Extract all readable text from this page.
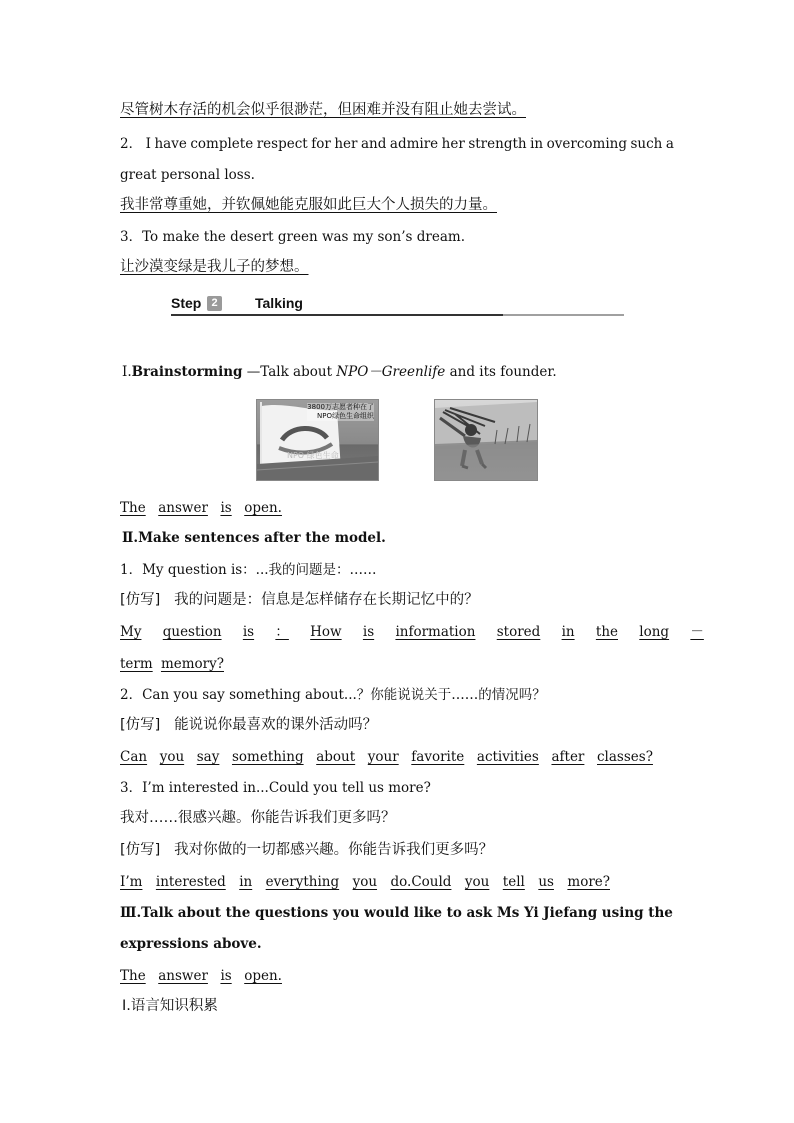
尽管树木存活的机会似乎很渺茫，但困难并没有阻止她去尝试。
2． I have complete respect for her and admire her strength in overcoming such a
great personal loss.
我非常尊重她，并钦佩她能克服如此巨大个人损失的力量。
3．To make the desert green was my son’s dream.
让沙漠变绿是我儿子的梦想。
Step 2	Talking
Ⅰ.Brainstorming —Talk about NPO－Greenlife and its founder.
3800万志愿者种在了
NPO绿色生命组织
NPO 绿色生命
The answer is open.
Ⅱ.Make sentences after the model.
1．My question is：...我的问题是：……
[仿写] 我的问题是：信息是怎样储存在长期记忆中的？
My question is ： How is information stored in the long －
term memory?
2．Can you say something about...？你能说说关于……的情况吗？
[仿写] 能说说你最喜欢的课外活动吗？
Can you say something about your favorite activities after classes?
3．I’m interested in...Could you tell us more?
我对……很感兴趣。你能告诉我们更多吗？
[仿写] 我对你做的一切都感兴趣。你能告诉我们更多吗？
I’m interested in everything you do.Could you tell us more?
Ⅲ.Talk about the questions you would like to ask Ms Yi Jiefang using the
expressions above.
The answer is open.
Ⅰ.语言知识积累
